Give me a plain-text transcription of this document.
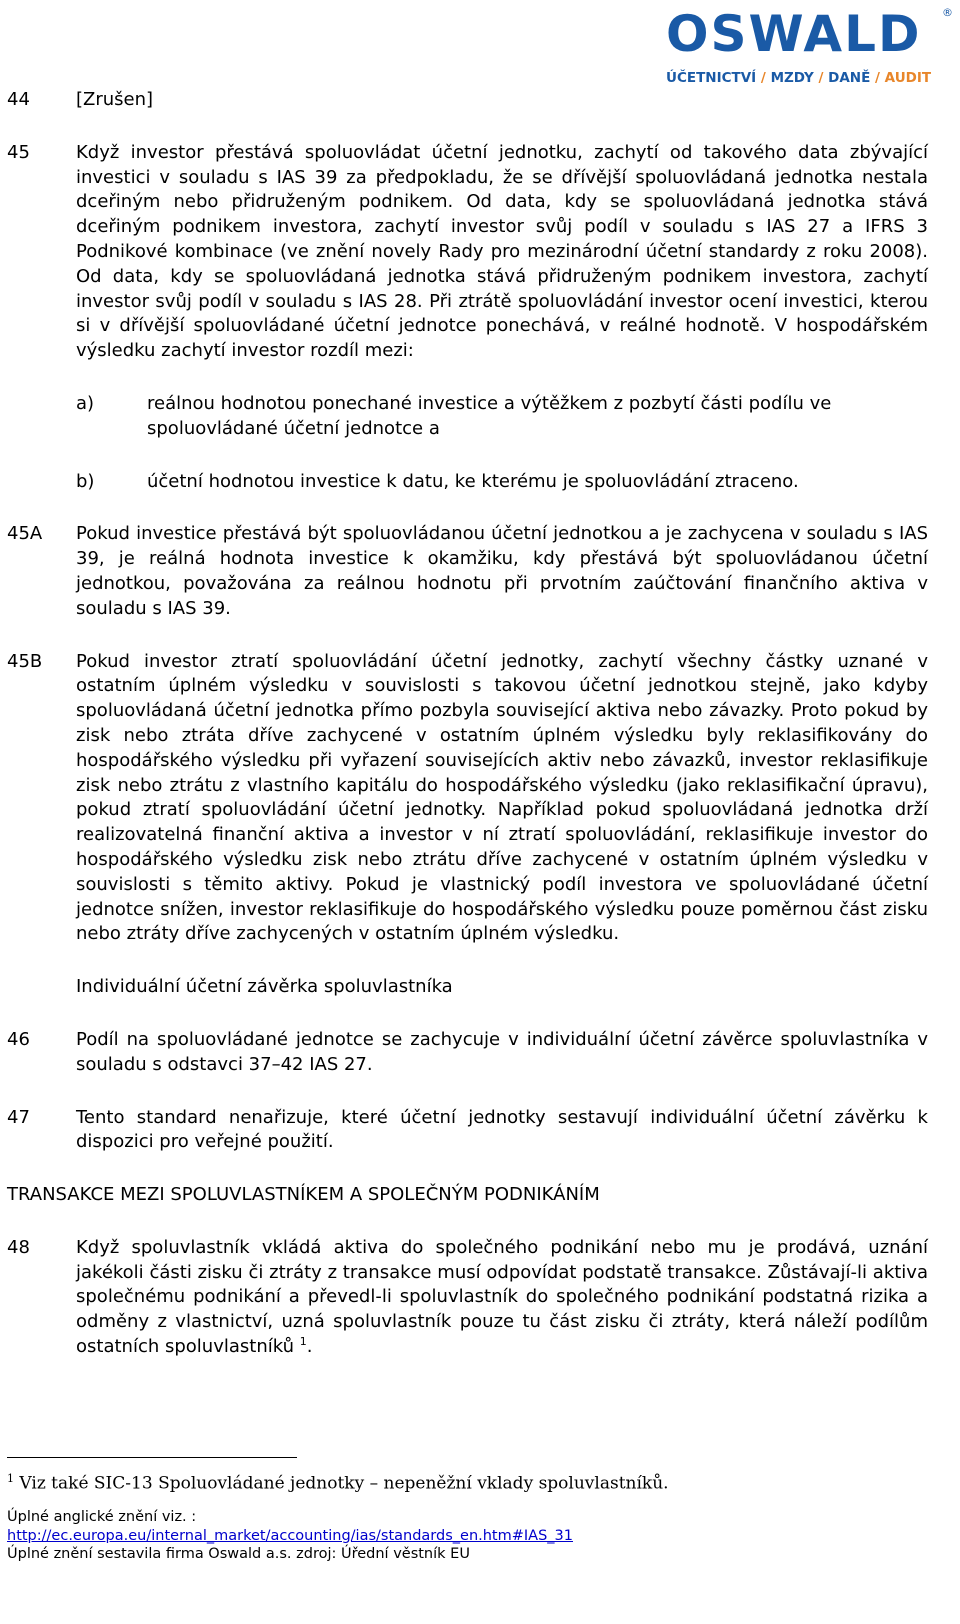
OSWALD ®
ÚČETNICTVÍ / MZDY / DANĚ / AUDIT
44	[Zrušen]
45	Když investor přestává spoluovládat účetní jednotku, zachytí od takového data zbývající investici v souladu s IAS 39 za předpokladu, že se dřívější spoluovládaná jednotka nestala dceřiným nebo přidruženým podnikem. Od data, kdy se spoluovládaná jednotka stává dceřiným podnikem investora, zachytí investor svůj podíl v souladu s IAS 27 a IFRS 3 Podnikové kombinace (ve znění novely Rady pro mezinárodní účetní standardy z roku 2008). Od data, kdy se spoluovládaná jednotka stává přidruženým podnikem investora, zachytí investor svůj podíl v souladu s IAS 28. Při ztrátě spoluovládání investor ocení investici, kterou si v dřívější spoluovládané účetní jednotce ponechává, v reálné hodnotě. V hospodářském výsledku zachytí investor rozdíl mezi:
a)	reálnou hodnotou ponechané investice a výtěžkem z pozbytí části podílu ve spoluovládané účetní jednotce a
b)	účetní hodnotou investice k datu, ke kterému je spoluovládání ztraceno.
45A	Pokud investice přestává být spoluovládanou účetní jednotkou a je zachycena v souladu s IAS 39, je reálná hodnota investice k okamžiku, kdy přestává být spoluovládanou účetní jednotkou, považována za reálnou hodnotu při prvotním zaúčtování finančního aktiva v souladu s IAS 39.
45B	Pokud investor ztratí spoluovládání účetní jednotky, zachytí všechny částky uznané v ostatním úplném výsledku v souvislosti s takovou účetní jednotkou stejně, jako kdyby spoluovládaná účetní jednotka přímo pozbyla související aktiva nebo závazky. Proto pokud by zisk nebo ztráta dříve zachycené v ostatním úplném výsledku byly reklasifikovány do hospodářského výsledku při vyřazení souvisejících aktiv nebo závazků, investor reklasifikuje zisk nebo ztrátu z vlastního kapitálu do hospodářského výsledku (jako reklasifikační úpravu), pokud ztratí spoluovládání účetní jednotky. Například pokud spoluovládaná jednotka drží realizovatelná finanční aktiva a investor v ní ztratí spoluovládání, reklasifikuje investor do hospodářského výsledku zisk nebo ztrátu dříve zachycené v ostatním úplném výsledku v souvislosti s těmito aktivy. Pokud je vlastnický podíl investora ve spoluovládané účetní jednotce snížen, investor reklasifikuje do hospodářského výsledku pouze poměrnou část zisku nebo ztráty dříve zachycených v ostatním úplném výsledku.
Individuální účetní závěrka spoluvlastníka
46	Podíl na spoluovládané jednotce se zachycuje v individuální účetní závěrce spoluvlastníka v souladu s odstavci 37–42 IAS 27.
47	Tento standard nenařizuje, které účetní jednotky sestavují individuální účetní závěrku k dispozici pro veřejné použití.
TRANSAKCE MEZI SPOLUVLASTNÍKEM A SPOLEČNÝM PODNIKÁNÍM
48	Když spoluvlastník vkládá aktiva do společného podnikání nebo mu je prodává, uznání jakékoli části zisku či ztráty z transakce musí odpovídat podstatě transakce. Zůstávají-li aktiva společnému podnikání a převedl-li spoluvlastník do společného podnikání podstatná rizika a odměny z vlastnictví, uzná spoluvlastník pouze tu část zisku či ztráty, která náleží podílům ostatních spoluvlastníků $^1$.
$^1$ Viz také SIC-13 Spoluovládané jednotky – nepeněžní vklady spoluvlastníků.
Úplné anglické znění viz. :
http://ec.europa.eu/internal_market/accounting/ias/standards_en.htm#IAS_31
Úplné znění sestavila firma Oswald a.s. zdroj: Úřední věstník EU
